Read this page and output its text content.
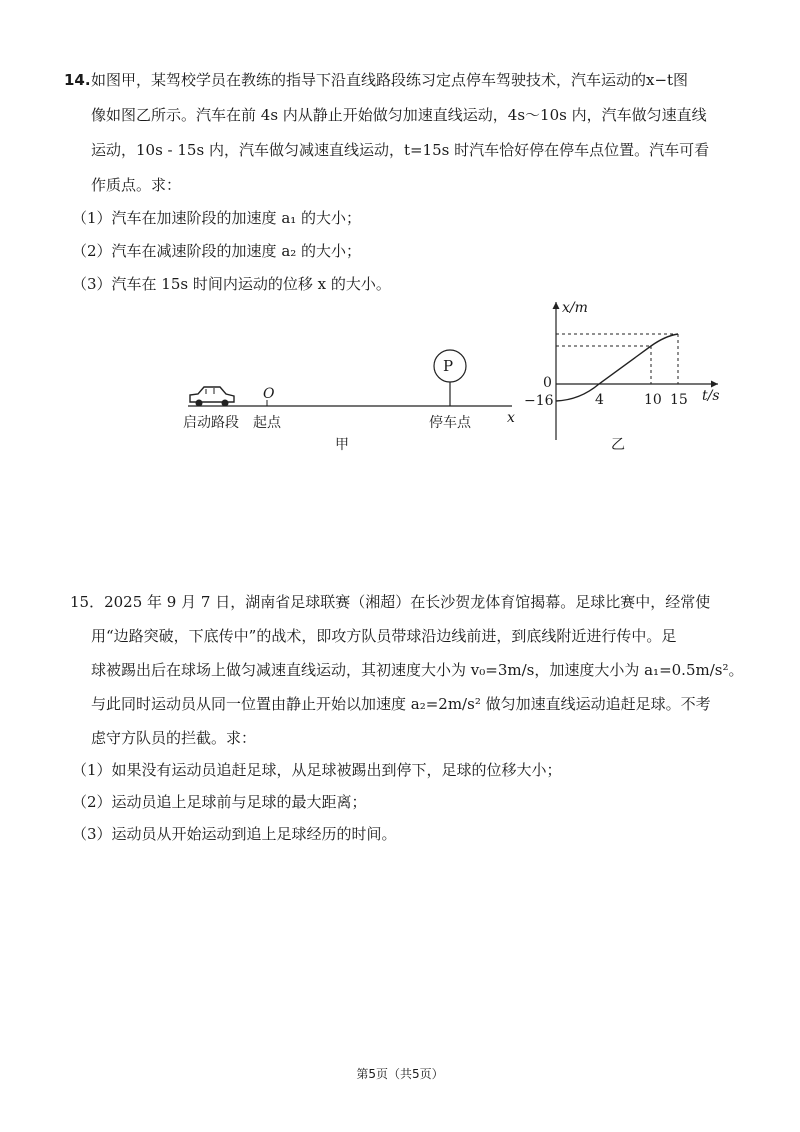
14. 如图甲，某驾校学员在教练的指导下沿直线路段练习定点停车驾驶技术，汽车运动的x−t图
像如图乙所示。汽车在前 4s 内从静止开始做匀加速直线运动，4s～10s 内，汽车做匀速直线
运动，10s - 15s 内，汽车做匀减速直线运动，t=15s 时汽车恰好停在停车点位置。汽车可看
作质点。求：
（1）汽车在加速阶段的加速度 a₁ 的大小；
（2）汽车在减速阶段的加速度 a₂ 的大小；
（3）汽车在 15s 时间内运动的位移 x 的大小。
P
O
启动路段 起点	停车点	x
甲
x/m
0
−16	4	10 15 t/s
乙
15．2025 年 9 月 7 日，湖南省足球联赛（湘超）在长沙贺龙体育馆揭幕。足球比赛中，经常使
用“边路突破，下底传中”的战术，即攻方队员带球沿边线前进，到底线附近进行传中。足
球被踢出后在球场上做匀减速直线运动，其初速度大小为 v₀=3m/s，加速度大小为 a₁=0.5m/s²。
与此同时运动员从同一位置由静止开始以加速度 a₂=2m/s² 做匀加速直线运动追赶足球。不考
虑守方队员的拦截。求：
（1）如果没有运动员追赶足球，从足球被踢出到停下，足球的位移大小；
（2）运动员追上足球前与足球的最大距离；
（3）运动员从开始运动到追上足球经历的时间。
第5页（共5页）
